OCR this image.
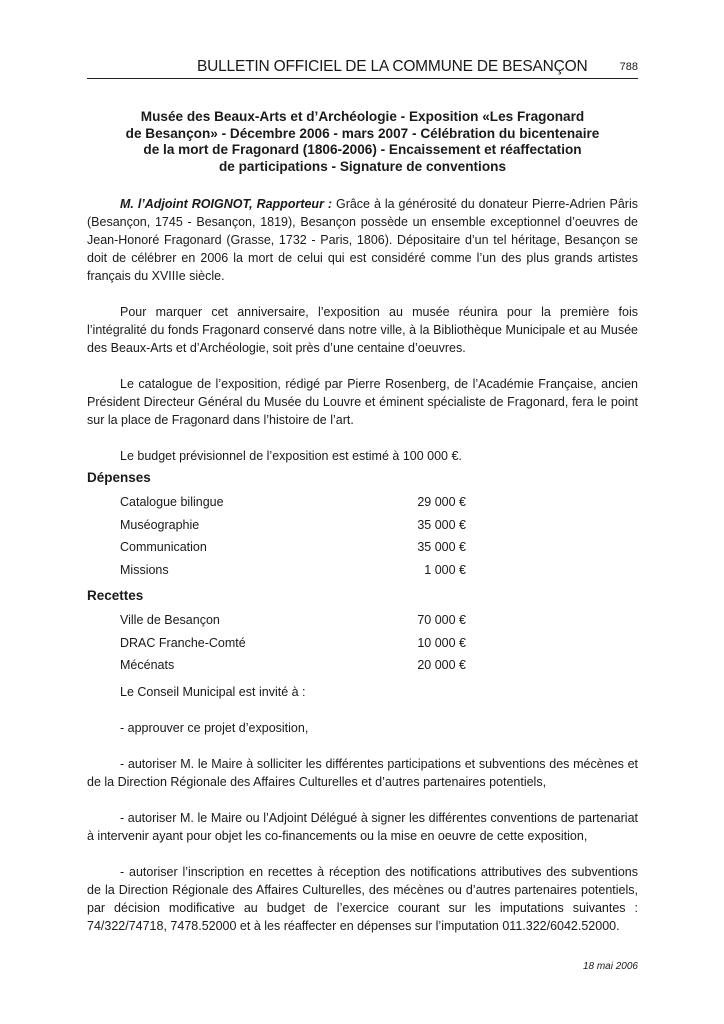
BULLETIN OFFICIEL DE LA COMMUNE DE BESANÇON	788
Musée des Beaux-Arts et d’Archéologie - Exposition «Les Fragonard
de Besançon» - Décembre 2006 - mars 2007 - Célébration du bicentenaire
de la mort de Fragonard (1806-2006) - Encaissement et réaffectation
de participations - Signature de conventions

M. l’Adjoint ROIGNOT, Rapporteur : Grâce à la générosité du donateur Pierre-Adrien Pâris (Besançon, 1745 - Besançon, 1819), Besançon possède un ensemble exceptionnel d’oeuvres de Jean-Honoré Fragonard (Grasse, 1732 - Paris, 1806). Dépositaire d’un tel héritage, Besançon se doit de célébrer en 2006 la mort de celui qui est considéré comme l’un des plus grands artistes français du XVIIIe siècle.

Pour marquer cet anniversaire, l’exposition au musée réunira pour la première fois l’intégralité du fonds Fragonard conservé dans notre ville, à la Bibliothèque Municipale et au Musée des Beaux-Arts et d’Archéologie, soit près d’une centaine d’oeuvres.

Le catalogue de l’exposition, rédigé par Pierre Rosenberg, de l’Académie Française, ancien Président Directeur Général du Musée du Louvre et éminent spécialiste de Fragonard, fera le point sur la place de Fragonard dans l’histoire de l’art.

Le budget prévisionnel de l’exposition est estimé à 100 000 €.

Dépenses
Catalogue bilingue	29 000 €
Muséographie	35 000 €
Communication	35 000 €
Missions	1 000 €
Recettes
Ville de Besançon	70 000 €
DRAC Franche-Comté	10 000 €
Mécénats	20 000 €

Le Conseil Municipal est invité à :

- approuver ce projet d’exposition,

- autoriser M. le Maire à solliciter les différentes participations et subventions des mécènes et de la Direction Régionale des Affaires Culturelles et d’autres partenaires potentiels,

- autoriser M. le Maire ou l’Adjoint Délégué à signer les différentes conventions de partenariat à intervenir ayant pour objet les co-financements ou la mise en oeuvre de cette exposition,

- autoriser l’inscription en recettes à réception des notifications attributives des subventions de la Direction Régionale des Affaires Culturelles, des mécènes ou d’autres partenaires potentiels, par décision modificative au budget de l’exercice courant sur les imputations suivantes : 74/322/74718, 7478.52000 et à les réaffecter en dépenses sur l’imputation 011.322/6042.52000.

18 mai 2006
